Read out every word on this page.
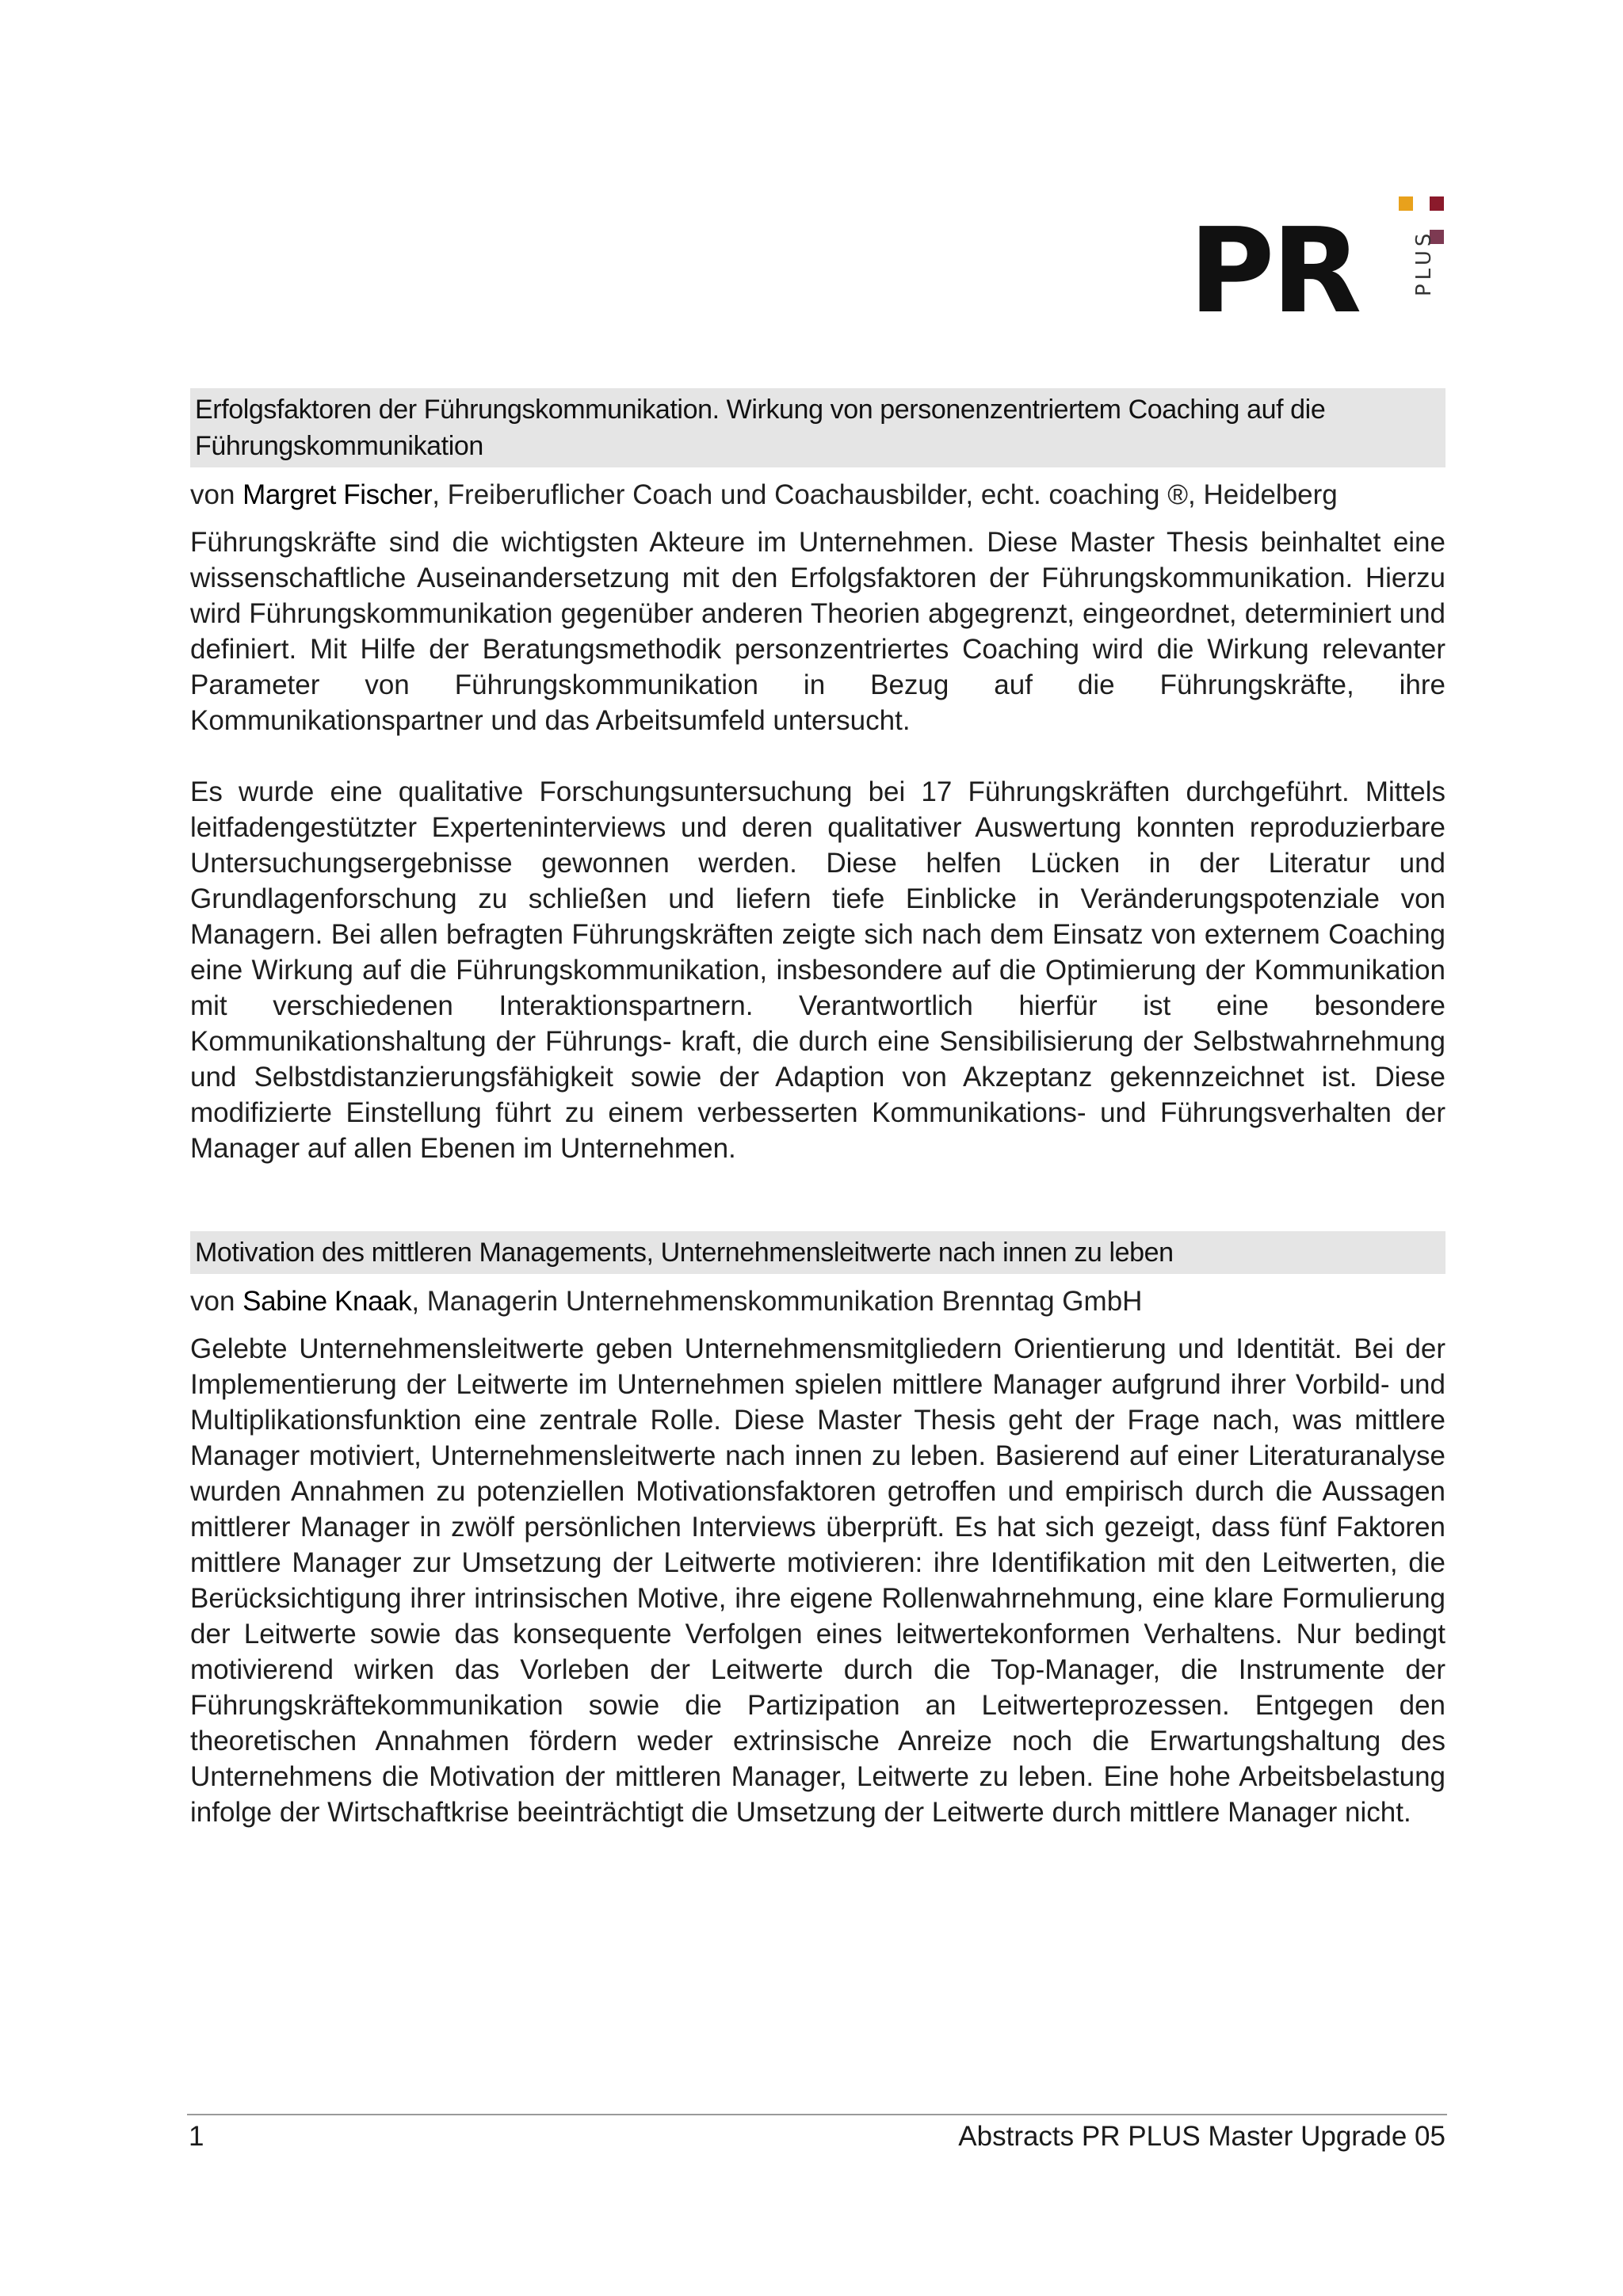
PR	PLUS
Erfolgsfaktoren der Führungskommunikation. Wirkung von personenzentriertem Coaching auf die Führungskommunikation

von Margret Fischer, Freiberuflicher Coach und Coachausbilder, echt. coaching ®, Heidelberg

Führungskräfte sind die wichtigsten Akteure im Unternehmen. Diese Master Thesis beinhaltet eine wissenschaftliche Auseinandersetzung mit den Erfolgsfaktoren der Führungskommunikation. Hierzu wird Führungskommunikation gegenüber anderen Theorien abgegrenzt, eingeordnet, determiniert und definiert. Mit Hilfe der Beratungsmethodik personzentriertes Coaching wird die Wirkung relevanter Parameter von Führungskommunikation in Bezug auf die Führungskräfte, ihre Kommunikationspartner und das Arbeitsumfeld untersucht.

Es wurde eine qualitative Forschungsuntersuchung bei 17 Führungskräften durchgeführt. Mittels leitfadengestützter Experteninterviews und deren qualitativer Auswertung konnten reproduzierbare Untersuchungsergebnisse gewonnen werden. Diese helfen Lücken in der Literatur und Grundlagenforschung zu schließen und liefern tiefe Einblicke in Veränderungspotenziale von Managern. Bei allen befragten Führungskräften zeigte sich nach dem Einsatz von externem Coaching eine Wirkung auf die Führungskommunikation, insbesondere auf die Optimierung der Kommunikation mit verschiedenen Interaktionspartnern. Verantwortlich hierfür ist eine besondere Kommunikationshaltung der Führungs- kraft, die durch eine Sensibilisierung der Selbstwahrnehmung und Selbstdistanzierungsfähigkeit sowie der Adaption von Akzeptanz gekennzeichnet ist. Diese modifizierte Einstellung führt zu einem verbesserten Kommunikations- und Führungsverhalten der Manager auf allen Ebenen im Unternehmen.

Motivation des mittleren Managements, Unternehmensleitwerte nach innen zu leben

von Sabine Knaak, Managerin Unternehmenskommunikation Brenntag GmbH

Gelebte Unternehmensleitwerte geben Unternehmensmitgliedern Orientierung und Identität. Bei der Implementierung der Leitwerte im Unternehmen spielen mittlere Manager aufgrund ihrer Vorbild- und Multiplikationsfunktion eine zentrale Rolle. Diese Master Thesis geht der Frage nach, was mittlere Manager motiviert, Unternehmensleitwerte nach innen zu leben. Basierend auf einer Literaturanalyse wurden Annahmen zu potenziellen Motivationsfaktoren getroffen und empirisch durch die Aussagen mittlerer Manager in zwölf persönlichen Interviews überprüft. Es hat sich gezeigt, dass fünf Faktoren mittlere Manager zur Umsetzung der Leitwerte motivieren: ihre Identifikation mit den Leitwerten, die Berücksichtigung ihrer intrinsischen Motive, ihre eigene Rollenwahrnehmung, eine klare Formulierung der Leitwerte sowie das konsequente Verfolgen eines leitwertekonformen Verhaltens. Nur bedingt motivierend wirken das Vorleben der Leitwerte durch die Top-Manager, die Instrumente der Führungskräftekommunikation sowie die Partizipation an Leitwerteprozessen. Entgegen den theoretischen Annahmen fördern weder extrinsische Anreize noch die Erwartungshaltung des Unternehmens die Motivation der mittleren Manager, Leitwerte zu leben. Eine hohe Arbeitsbelastung infolge der Wirtschaftkrise beeinträchtigt die Umsetzung der Leitwerte durch mittlere Manager nicht.

1	Abstracts PR PLUS Master Upgrade 05
